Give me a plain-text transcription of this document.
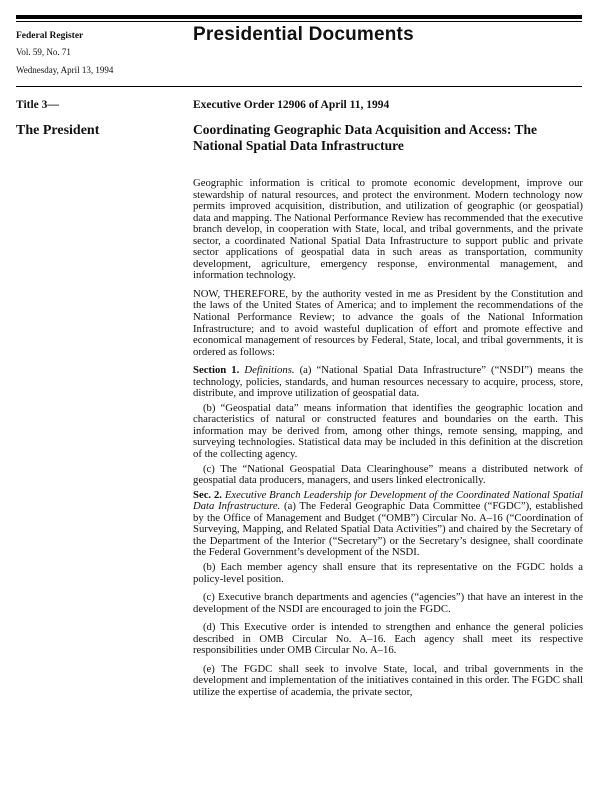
Federal Register
Vol. 59, No. 71
Wednesday, April 13, 1994
Presidential Documents
Title 3—
The President
Executive Order 12906 of April 11, 1994
Coordinating Geographic Data Acquisition and Access: The National Spatial Data Infrastructure

Geographic information is critical to promote economic development, improve our stewardship of natural resources, and protect the environment. Modern technology now permits improved acquisition, distribution, and utilization of geographic (or geospatial) data and mapping. The National Performance Review has recommended that the executive branch develop, in cooperation with State, local, and tribal governments, and the private sector, a coordinated National Spatial Data Infrastructure to support public and private sector applications of geospatial data in such areas as transportation, community development, agriculture, emergency response, environmental management, and information technology.

NOW, THEREFORE, by the authority vested in me as President by the Constitution and the laws of the United States of America; and to implement the recommendations of the National Performance Review; to advance the goals of the National Information Infrastructure; and to avoid wasteful duplication of effort and promote effective and economical management of resources by Federal, State, local, and tribal governments, it is ordered as follows:

Section 1. Definitions. (a) “National Spatial Data Infrastructure” (“NSDI”) means the technology, policies, standards, and human resources necessary to acquire, process, store, distribute, and improve utilization of geospatial data.

(b) “Geospatial data” means information that identifies the geographic location and characteristics of natural or constructed features and boundaries on the earth. This information may be derived from, among other things, remote sensing, mapping, and surveying technologies. Statistical data may be included in this definition at the discretion of the collecting agency.

(c) The “National Geospatial Data Clearinghouse” means a distributed network of geospatial data producers, managers, and users linked electronically.

Sec. 2. Executive Branch Leadership for Development of the Coordinated National Spatial Data Infrastructure. (a) The Federal Geographic Data Committee (“FGDC”), established by the Office of Management and Budget (“OMB”) Circular No. A–16 (“Coordination of Surveying, Mapping, and Related Spatial Data Activities”) and chaired by the Secretary of the Department of the Interior (“Secretary”) or the Secretary’s designee, shall coordinate the Federal Government’s development of the NSDI.

(b) Each member agency shall ensure that its representative on the FGDC holds a policy-level position.

(c) Executive branch departments and agencies (“agencies”) that have an interest in the development of the NSDI are encouraged to join the FGDC.

(d) This Executive order is intended to strengthen and enhance the general policies described in OMB Circular No. A–16. Each agency shall meet its respective responsibilities under OMB Circular No. A–16.

(e) The FGDC shall seek to involve State, local, and tribal governments in the development and implementation of the initiatives contained in this order. The FGDC shall utilize the expertise of academia, the private sector,
